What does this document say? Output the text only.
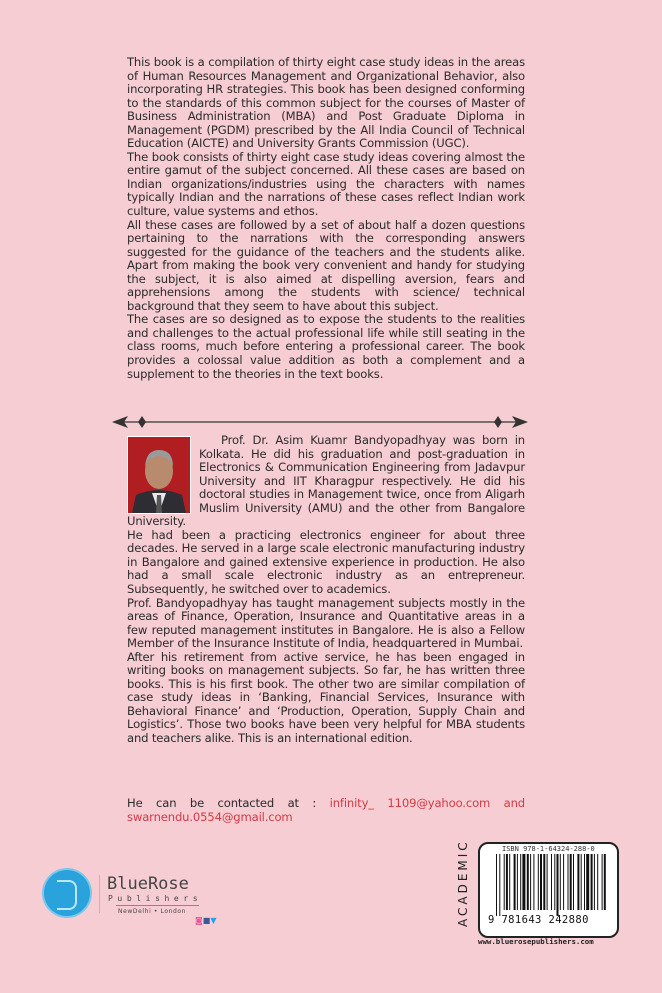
This book is a compilation of thirty eight case study ideas in the areas of Human Resources Management and Organizational Behavior, also incorporating HR strategies. This book has been designed conforming to the standards of this common subject for the courses of Master of Business Administration (MBA) and Post Graduate Diploma in Management (PGDM) prescribed by the All India Council of Technical Education (AICTE) and University Grants Commission (UGC).

The book consists of thirty eight case study ideas covering almost the entire gamut of the subject concerned. All these cases are based on Indian organizations/industries using the characters with names typically Indian and the narrations of these cases reflect Indian work culture, value systems and ethos.

All these cases are followed by a set of about half a dozen questions pertaining to the narrations with the corresponding answers suggested for the guidance of the teachers and the students alike. Apart from making the book very convenient and handy for studying the subject, it is also aimed at dispelling aversion, fears and apprehensions among the students with science/ technical background that they seem to have about this subject.

The cases are so designed as to expose the students to the realities and challenges to the actual professional life while still seating in the class rooms, much before entering a professional career. The book provides a colossal value addition as both a complement and a supplement to the theories in the text books.

Prof. Dr. Asim Kuamr Bandyopadhyay was born in Kolkata. He did his graduation and post-graduation in Electronics & Communication Engineering from Jadavpur University and IIT Kharagpur respectively. He did his doctoral studies in Management twice, once from Aligarh Muslim University (AMU) and the other from Bangalore University.

He had been a practicing electronics engineer for about three decades. He served in a large scale electronic manufacturing industry in Bangalore and gained extensive experience in production. He also had a small scale electronic industry as an entrepreneur. Subsequently, he switched over to academics.

Prof. Bandyopadhyay has taught management subjects mostly in the areas of Finance, Operation, Insurance and Quantitative areas in a few reputed management institutes in Bangalore. He is also a Fellow Member of the Insurance Institute of India, headquartered in Mumbai.

After his retirement from active service, he has been engaged in writing books on management subjects. So far, he has written three books. This is his first book. The other two are similar compilation of case study ideas in ‘Banking, Financial Services, Insurance with Behavioral Finance’ and ‘Production, Operation, Supply Chain and Logistics’. Those two books have been very helpful for MBA students and teachers alike. This is an international edition.

He can be contacted at : infinity_ 1109@yahoo.com and swarnendu.0554@gmail.com
BlueRose
Publishers
NewDelhi • London
◙■▼	ACADEMIC	ISBN 978-1-64324-288-0
9 781643 242880
www.bluerosepublishers.com
